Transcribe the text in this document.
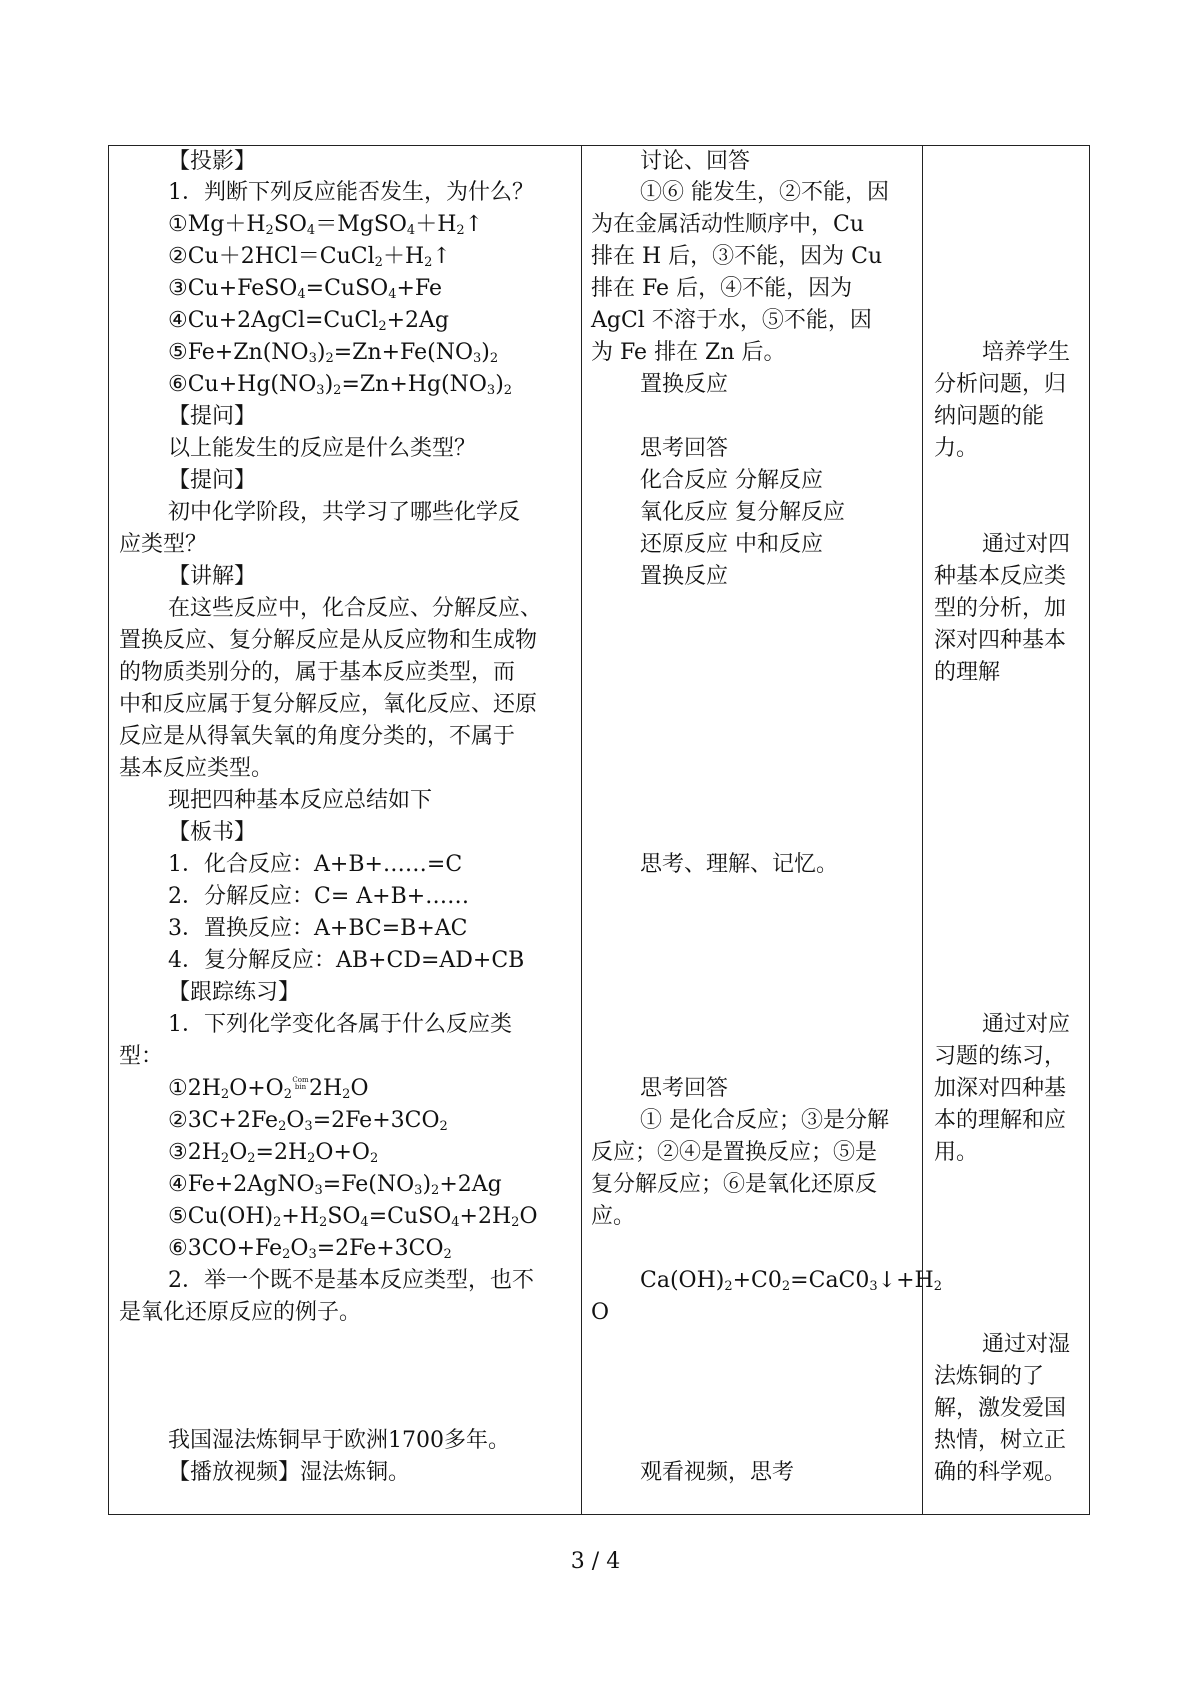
【投影】
1．判断下列反应能否发生，为什么？
$①Mg+H_2SO_4=MgSO_4+H_2↑$
$②Cu+2HCl=CuCl_2+H_2↑$
③Cu+FeSO$_4$=CuSO$_4$+Fe
④Cu+2AgCl=CuCl$_2$+2Ag
$⑤Fe+Zn(NO_3)_2=Zn+Fe(NO_3)_2$
$⑥Cu+Hg(NO_3)_2=Zn+Hg(NO_3)_2$
【提问】
以上能发生的反应是什么类型？
【提问】
初中化学阶段，共学习了哪些化学反
应类型？
【讲解】
在这些反应中，化合反应、分解反应、
置换反应、复分解反应是从反应物和生成物
的物质类别分的，属于基本反应类型，而
中和反应属于复分解反应，氧化反应、还原
反应是从得氧失氧的角度分类的，不属于
基本反应类型。
现把四种基本反应总结如下
【板书】
1．化合反应：A+B+……=C
2．分解反应：C= A+B+……
3．置换反应：A+BC=B+AC
4．复分解反应：AB+CD=AD+CB
【跟踪练习】
1．下列化学变化各属于什么反应类
型：
$①2H_2O+O_2Com$
bin $2H_2O$
$②3C+2Fe_2O_3=2Fe+3CO_2$
$③2H_2O_2=2H_2O+O_2$
$④Fe+2AgNO_3=Fe(NO_3)_2+2Ag$
$⑤Cu(OH)_2+H_2SO_4=CuSO_4+2H_2O$
$⑥3CO+Fe_2O_3=2Fe+3CO_2$
2．举一个既不是基本反应类型，也不
是氧化还原反应的例子。
我国湿法炼铜早于欧洲1700多年。
【播放视频】湿法炼铜。
讨论、回答
①⑥ 能发生，②不能，因
为在金属活动性顺序中，Cu
排在 H 后，③不能，因为 Cu
排在 Fe 后，④不能，因为
AgCl 不溶于水，⑤不能，因
为 Fe 排在 Zn 后。
置换反应
思考回答
化合反应 分解反应
氧化反应 复分解反应
还原反应 中和反应
置换反应
思考、理解、记忆。
思考回答
① 是化合反应；③是分解
反应；②④是置换反应；⑤是
复分解反应；⑥是氧化还原反
应。
$Ca(OH)_2+C0_2=CaC0_3↓+H_2$
O
观看视频，思考
培养学生
分析问题，归
纳问题的能
力。
通过对四
种基本反应类
型的分析，加
深对四种基本
的理解
通过对应
习题的练习，
加深对四种基
本的理解和应
用。
通过对湿
法炼铜的了
解，激发爱国
热情，树立正
确的科学观。
3 / 4
